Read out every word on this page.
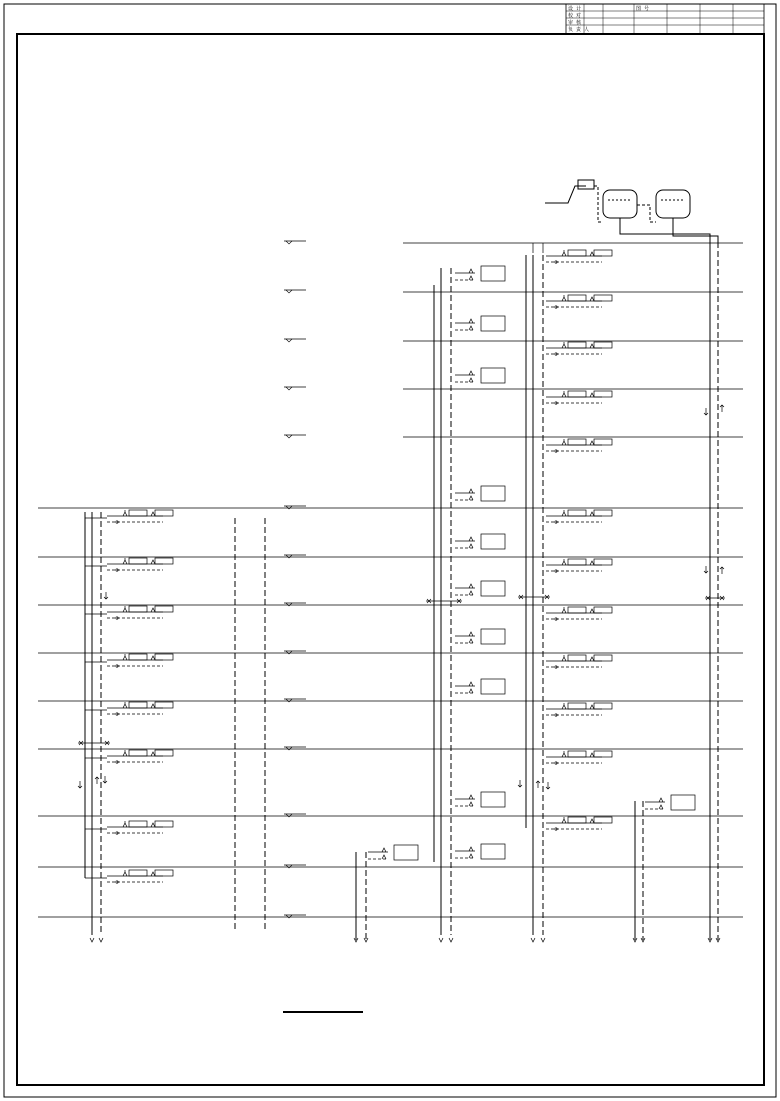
设 计	图 号
校 对
审 核
负 责 人
